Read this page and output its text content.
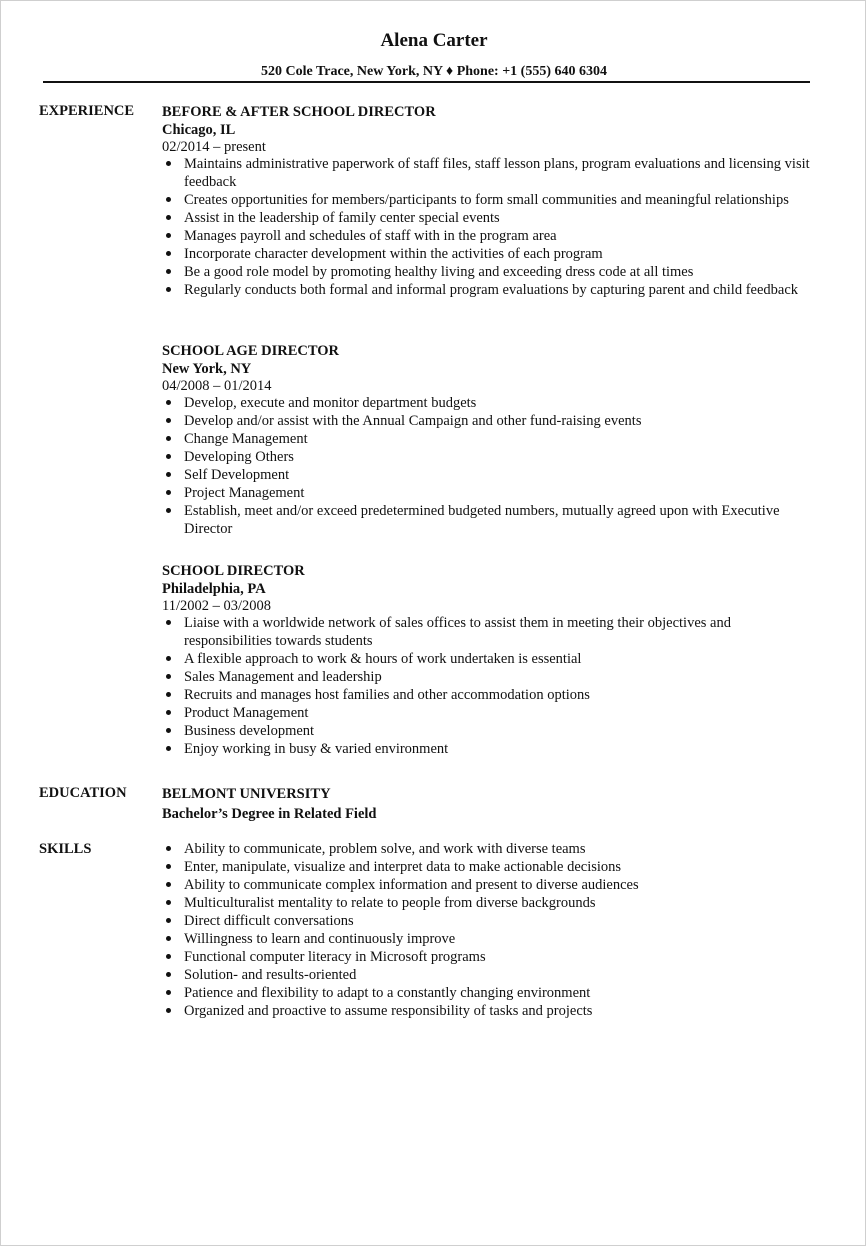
Alena Carter
520 Cole Trace, New York, NY ♦ Phone: +1 (555) 640 6304
EXPERIENCE BEFORE & AFTER SCHOOL DIRECTOR

Chicago, IL

02/2014 – present

Maintains administrative paperwork of staff files, staff lesson plans, program evaluations and licensing visit feedback
Creates opportunities for members/participants to form small communities and meaningful relationships
Assist in the leadership of family center special events
Manages payroll and schedules of staff with in the program area
Incorporate character development within the activities of each program
Be a good role model by promoting healthy living and exceeding dress code at all times
Regularly conducts both formal and informal program evaluations by capturing parent and child feedback

SCHOOL AGE DIRECTOR

New York, NY

04/2008 – 01/2014

Develop, execute and monitor department budgets
Develop and/or assist with the Annual Campaign and other fund-raising events
Change Management
Developing Others
Self Development
Project Management
Establish, meet and/or exceed predetermined budgeted numbers, mutually agreed upon with Executive Director

SCHOOL DIRECTOR

Philadelphia, PA

11/2002 – 03/2008

Liaise with a worldwide network of sales offices to assist them in meeting their objectives and responsibilities towards students
A flexible approach to work & hours of work undertaken is essential
Sales Management and leadership
Recruits and manages host families and other accommodation options
Product Management
Business development
Enjoy working in busy & varied environment
EDUCATION BELMONT UNIVERSITY

Bachelor’s Degree in Related Field

SKILLS	Ability to communicate, problem solve, and work with diverse teams
Enter, manipulate, visualize and interpret data to make actionable decisions
Ability to communicate complex information and present to diverse audiences
Multiculturalist mentality to relate to people from diverse backgrounds
Direct difficult conversations
Willingness to learn and continuously improve
Functional computer literacy in Microsoft programs
Solution- and results-oriented
Patience and flexibility to adapt to a constantly changing environment
Organized and proactive to assume responsibility of tasks and projects
